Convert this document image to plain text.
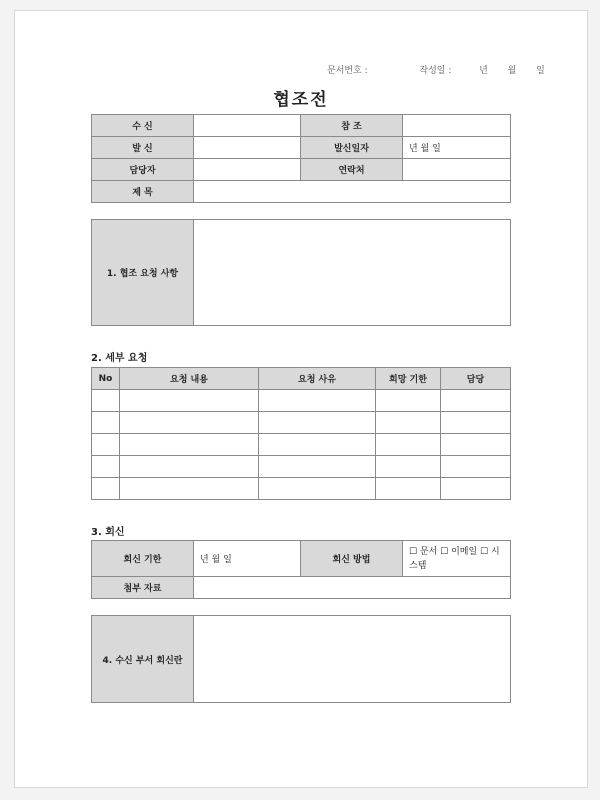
문서번호 :	작성일 :	년 월 일
협조전
수 신		참 조	
발 신		발신일자	년 월 일
담당자		연락처	
제 목			
1. 협조 요청 사항	
2. 세부 요청
No	요청 내용	요청 사유	희망 기한	담당

3. 회신
회신 기한	년 월 일	회신 방법	☐ 문서 ☐ 이메일 ☐ 시스템
첨부 자료			
4. 수신 부서 회신란	
